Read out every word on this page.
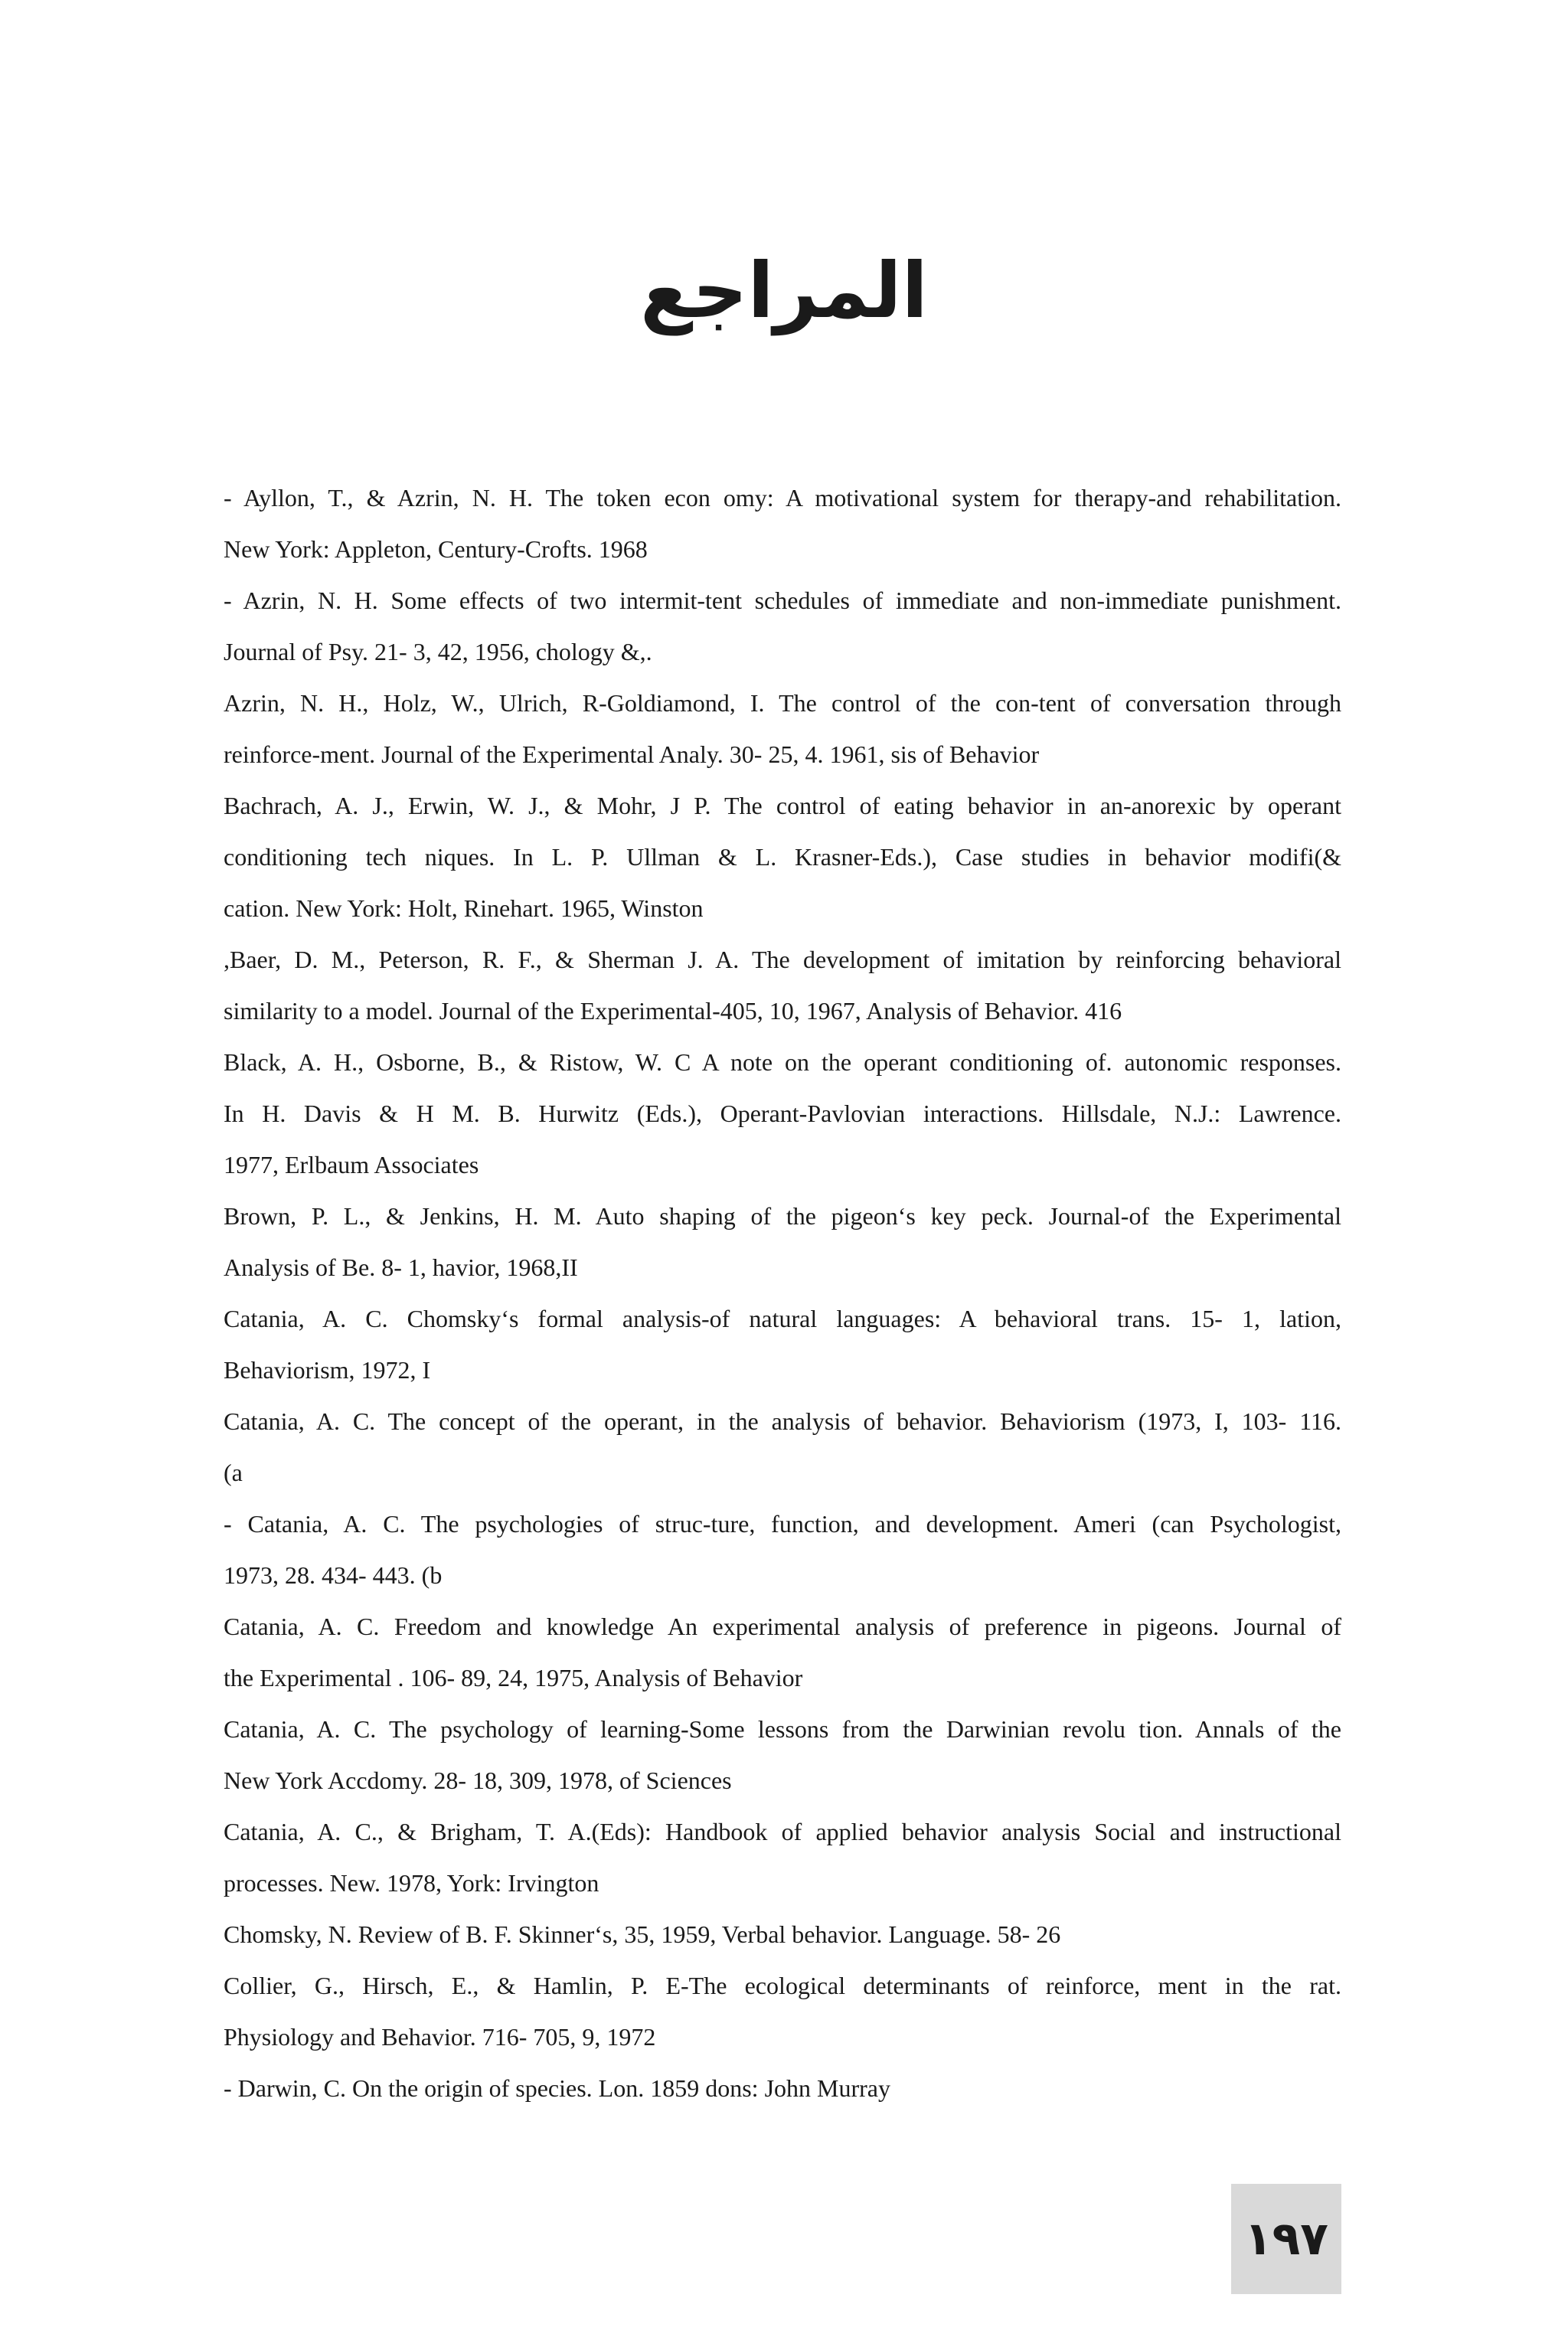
المراجع
- Ayllon, T., & Azrin, N. H. The token econ omy: A motivational system for therapy-and rehabilitation.
New York: Appleton, Century-Crofts. 1968
- Azrin, N. H. Some effects of two intermit-tent schedules of immediate and non-immediate punishment.
Journal of Psy. 21- 3, 42, 1956, chology &,.
Azrin, N. H., Holz, W., Ulrich, R-Goldiamond, I. The control of the con-tent of conversation through
reinforce-ment. Journal of the Experimental Analy. 30- 25, 4. 1961, sis of Behavior
Bachrach, A. J., Erwin, W. J., & Mohr, J P. The control of eating behavior in an-anorexic by operant
conditioning tech niques. In L. P. Ullman & L. Krasner-Eds.), Case studies in behavior modifi(&
cation. New York: Holt, Rinehart. 1965, Winston
,Baer, D. M., Peterson, R. F., & Sherman J. A. The development of imitation by reinforcing behavioral
similarity to a model. Journal of the Experimental-405, 10, 1967, Analysis of Behavior. 416
Black, A. H., Osborne, B., & Ristow, W. C A note on the operant conditioning of. autonomic responses.
In H. Davis & H M. B. Hurwitz (Eds.), Operant-Pavlovian interactions. Hillsdale, N.J.: Lawrence.
1977, Erlbaum Associates
Brown, P. L., & Jenkins, H. M. Auto shaping of the pigeon‘s key peck. Journal-of the Experimental
Analysis of Be. 8- 1, havior, 1968,II
Catania, A. C. Chomsky‘s formal analysis-of natural languages: A behavioral trans. 15- 1, lation,
Behaviorism, 1972, I
Catania, A. C. The concept of the operant, in the analysis of behavior. Behaviorism (1973, I, 103- 116.
(a
- Catania, A. C. The psychologies of struc-ture, function, and development. Ameri (can Psychologist,
1973, 28. 434- 443. (b
Catania, A. C. Freedom and knowledge An experimental analysis of preference in pigeons. Journal of
the Experimental . 106- 89, 24, 1975, Analysis of Behavior
Catania, A. C. The psychology of learning-Some lessons from the Darwinian revolu tion. Annals of the
New York Accdomy. 28- 18, 309, 1978, of Sciences
Catania, A. C., & Brigham, T. A.(Eds): Handbook of applied behavior analysis Social and instructional
processes. New. 1978, York: Irvington
Chomsky, N. Review of B. F. Skinner‘s, 35, 1959, Verbal behavior. Language. 58- 26
Collier, G., Hirsch, E., & Hamlin, P. E-The ecological determinants of reinforce, ment in the rat.
Physiology and Behavior. 716- 705, 9, 1972
- Darwin, C. On the origin of species. Lon. 1859 dons: John Murray
١٩٧
